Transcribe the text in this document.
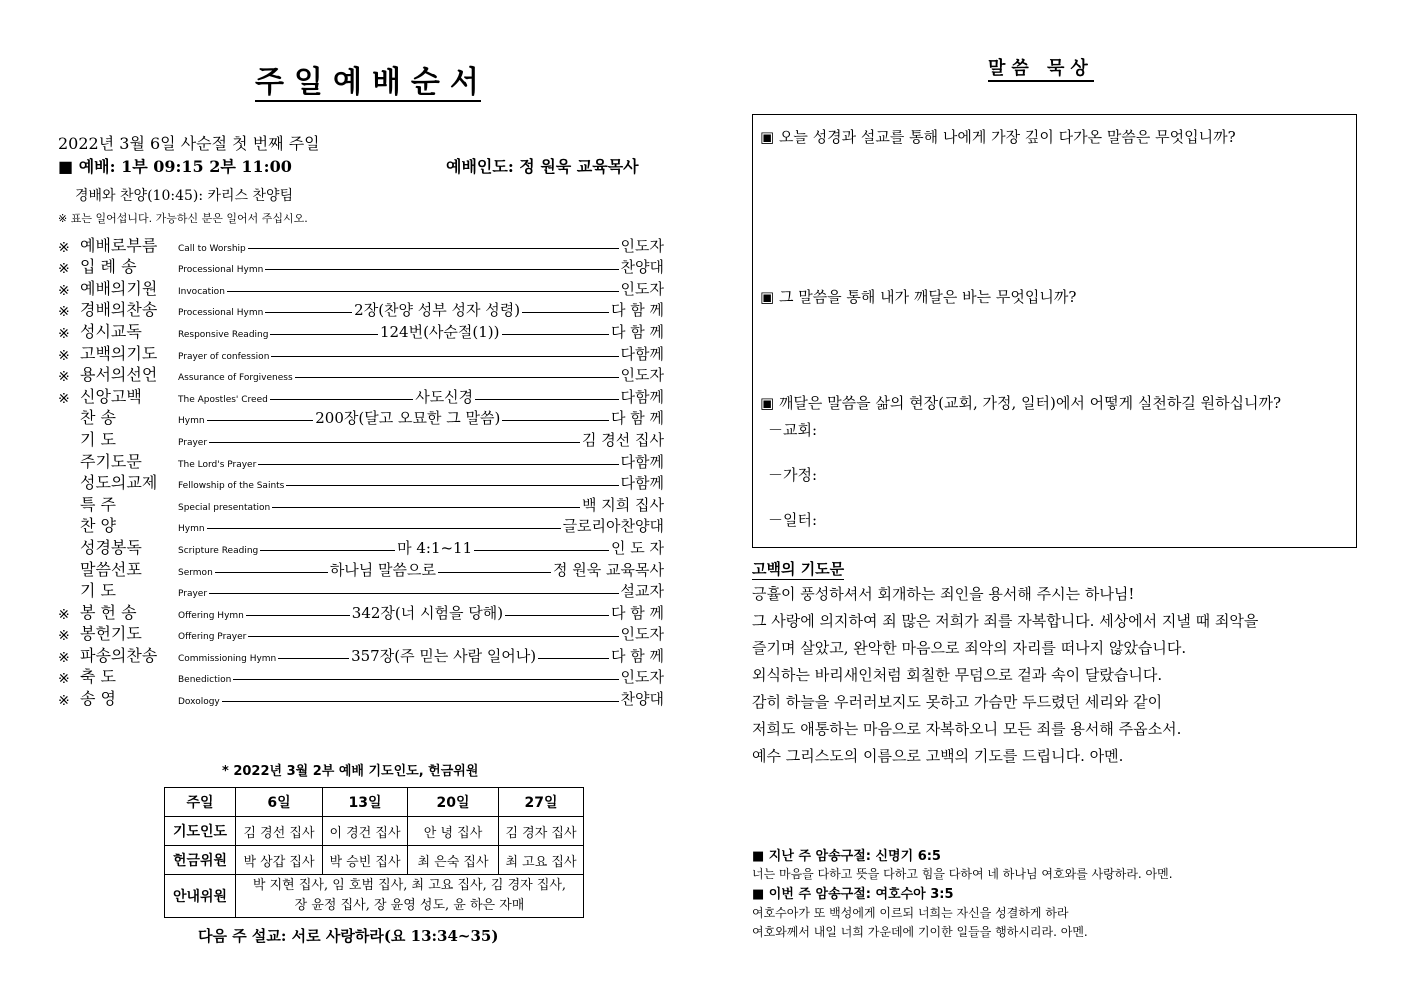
주일예배순서
2022년 3월 6일 사순절 첫 번째 주일
■ 예배: 1부 09:15 2부 11:00	예배인도: 정 원욱 교육목사
경배와 찬양(10:45): 카리스 찬양팀
※ 표는 일어섭니다. 가능하신 분은 일어서 주십시오.
※ 예배로부름	Call to Worship	인도자
※ 입 례 송	Processional Hymn	찬양대
※ 예배의기원	Invocation	인도자
※ 경배의찬송	Processional Hymn	2장(찬양 성부 성자 성령)	다 함 께
※ 성시교독	Responsive Reading	124번(사순절(1))	다 함 께
※ 고백의기도	Prayer of confession	다함께
※ 용서의선언	Assurance of Forgiveness	인도자
※ 신앙고백	The Apostles' Creed	사도신경	다함께
찬 송	Hymn	200장(달고 오묘한 그 말씀)	다 함 께
기 도	Prayer	김 경선 집사
주기도문	The Lord's Prayer	다함께
성도의교제	Fellowship of the Saints	다함께
특 주	Special presentation	백 지희 집사
찬 양	Hymn	글로리아찬양대
성경봉독	Scripture Reading	마 4:1~11	인 도 자
말씀선포	Sermon	하나님 말씀으로	정 원욱 교육목사
기 도	Prayer	설교자
※ 봉 헌 송	Offering Hymn	342장(너 시험을 당해)	다 함 께
※ 봉헌기도	Offering Prayer	인도자
※ 파송의찬송	Commissioning Hymn	357장(주 믿는 사람 일어나)	다 함 께
※ 축 도	Benediction	인도자
※ 송 영	Doxology	찬양대
* 2022년 3월 2부 예배 기도인도, 헌금위원
주일	6일	13일	20일	27일
기도인도	김 경선 집사	이 경건 집사	안 녕 집사	김 경자 집사
헌금위원	박 상갑 집사	박 승빈 집사	최 은숙 집사	최 고요 집사
안내위원	박 지현 집사, 임 호범 집사, 최 고요 집사, 김 경자 집사,
장 윤정 집사, 장 윤영 성도, 윤 하은 자매			
다음 주 설교: 서로 사랑하라(요 13:34~35)
말씀 묵상
▣ 오늘 성경과 설교를 통해 나에게 가장 깊이 다가온 말씀은 무엇입니까?
▣ 그 말씀을 통해 내가 깨달은 바는 무엇입니까?
▣ 깨달은 말씀을 삶의 현장(교회, 가정, 일터)에서 어떻게 실천하길 원하십니까?
－교회:
－가정:
－일터:
고백의 기도문
긍휼이 풍성하셔서 회개하는 죄인을 용서해 주시는 하나님!
그 사랑에 의지하여 죄 많은 저희가 죄를 자복합니다. 세상에서 지낼 때 죄악을
즐기며 살았고, 완악한 마음으로 죄악의 자리를 떠나지 않았습니다.
외식하는 바리새인처럼 회칠한 무덤으로 겉과 속이 달랐습니다.
감히 하늘을 우러러보지도 못하고 가슴만 두드렸던 세리와 같이
저희도 애통하는 마음으로 자복하오니 모든 죄를 용서해 주옵소서.
예수 그리스도의 이름으로 고백의 기도를 드립니다. 아멘.
■ 지난 주 암송구절: 신명기 6:5
너는 마음을 다하고 뜻을 다하고 힘을 다하여 네 하나님 여호와를 사랑하라. 아멘.
■ 이번 주 암송구절: 여호수아 3:5
여호수아가 또 백성에게 이르되 너희는 자신을 성결하게 하라
여호와께서 내일 너희 가운데에 기이한 일들을 행하시리라. 아멘.
